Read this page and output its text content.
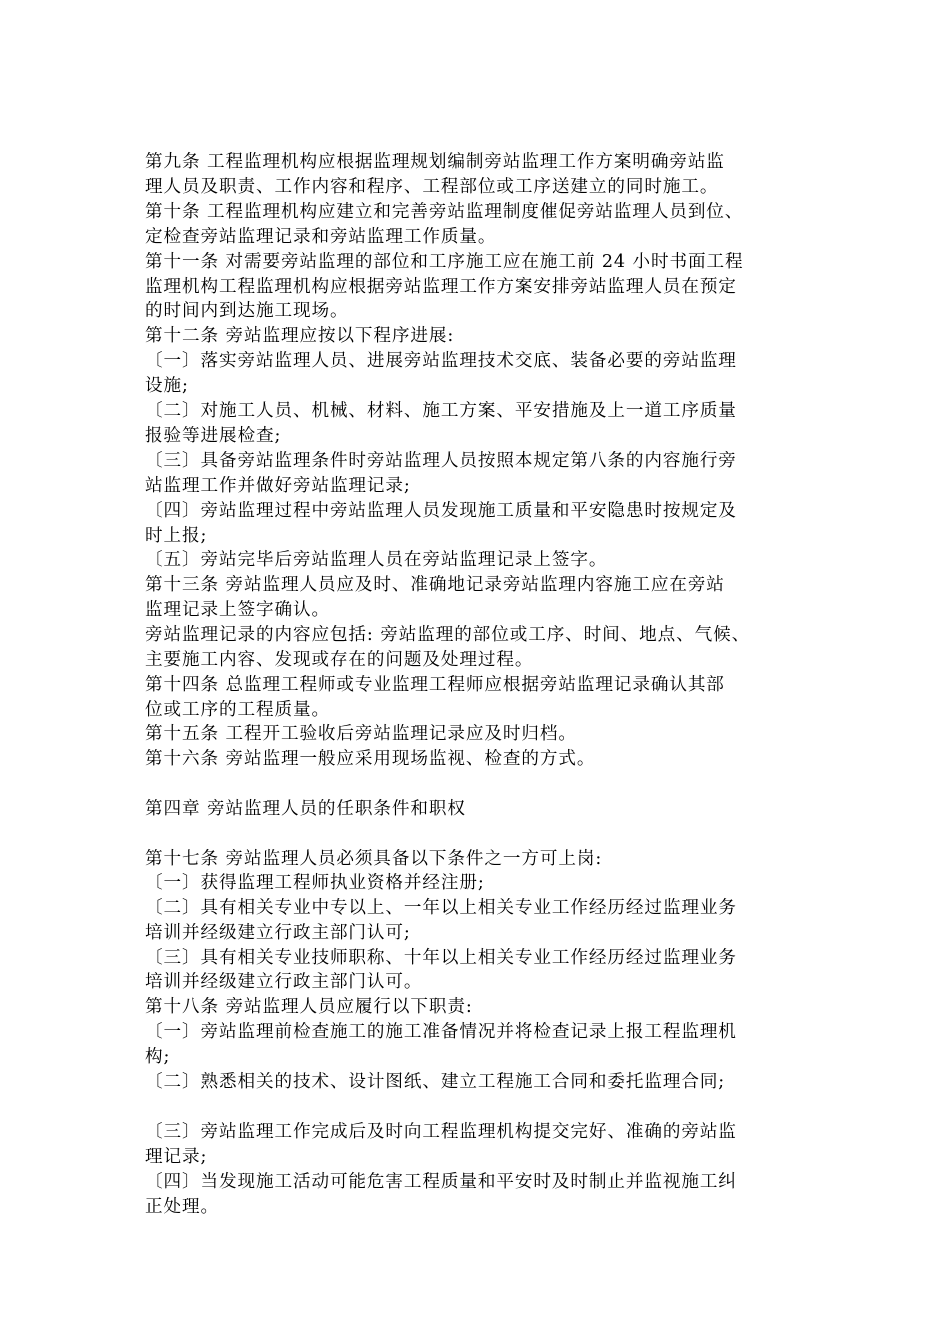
第九条 工程监理机构应根据监理规划编制旁站监理工作方案明确旁站监
理人员及职责、工作内容和程序、工程部位或工序送建立的同时施工。
第十条 工程监理机构应建立和完善旁站监理制度催促旁站监理人员到位、
定检查旁站监理记录和旁站监理工作质量。
第十一条 对需要旁站监理的部位和工序施工应在施工前 24 小时书面工程
监理机构工程监理机构应根据旁站监理工作方案安排旁站监理人员在预定
的时间内到达施工现场。
第十二条 旁站监理应按以下程序进展:
〔一〕落实旁站监理人员、进展旁站监理技术交底、装备必要的旁站监理
设施;
〔二〕对施工人员、机械、材料、施工方案、平安措施及上一道工序质量
报验等进展检查;
〔三〕具备旁站监理条件时旁站监理人员按照本规定第八条的内容施行旁
站监理工作并做好旁站监理记录;
〔四〕旁站监理过程中旁站监理人员发现施工质量和平安隐患时按规定及
时上报;
〔五〕旁站完毕后旁站监理人员在旁站监理记录上签字。
第十三条 旁站监理人员应及时、准确地记录旁站监理内容施工应在旁站
监理记录上签字确认。
旁站监理记录的内容应包括: 旁站监理的部位或工序、时间、地点、气候、
主要施工内容、发现或存在的问题及处理过程。
第十四条 总监理工程师或专业监理工程师应根据旁站监理记录确认其部
位或工序的工程质量。
第十五条 工程开工验收后旁站监理记录应及时归档。
第十六条 旁站监理一般应采用现场监视、检查的方式。
第四章 旁站监理人员的任职条件和职权
第十七条 旁站监理人员必须具备以下条件之一方可上岗:
〔一〕获得监理工程师执业资格并经注册;
〔二〕具有相关专业中专以上、一年以上相关专业工作经历经过监理业务
培训并经级建立行政主部门认可;
〔三〕具有相关专业技师职称、十年以上相关专业工作经历经过监理业务
培训并经级建立行政主部门认可。
第十八条 旁站监理人员应履行以下职责:
〔一〕旁站监理前检查施工的施工准备情况并将检查记录上报工程监理机
构;
〔二〕熟悉相关的技术、设计图纸、建立工程施工合同和委托监理合同;
〔三〕旁站监理工作完成后及时向工程监理机构提交完好、准确的旁站监
理记录;
〔四〕当发现施工活动可能危害工程质量和平安时及时制止并监视施工纠
正处理。
